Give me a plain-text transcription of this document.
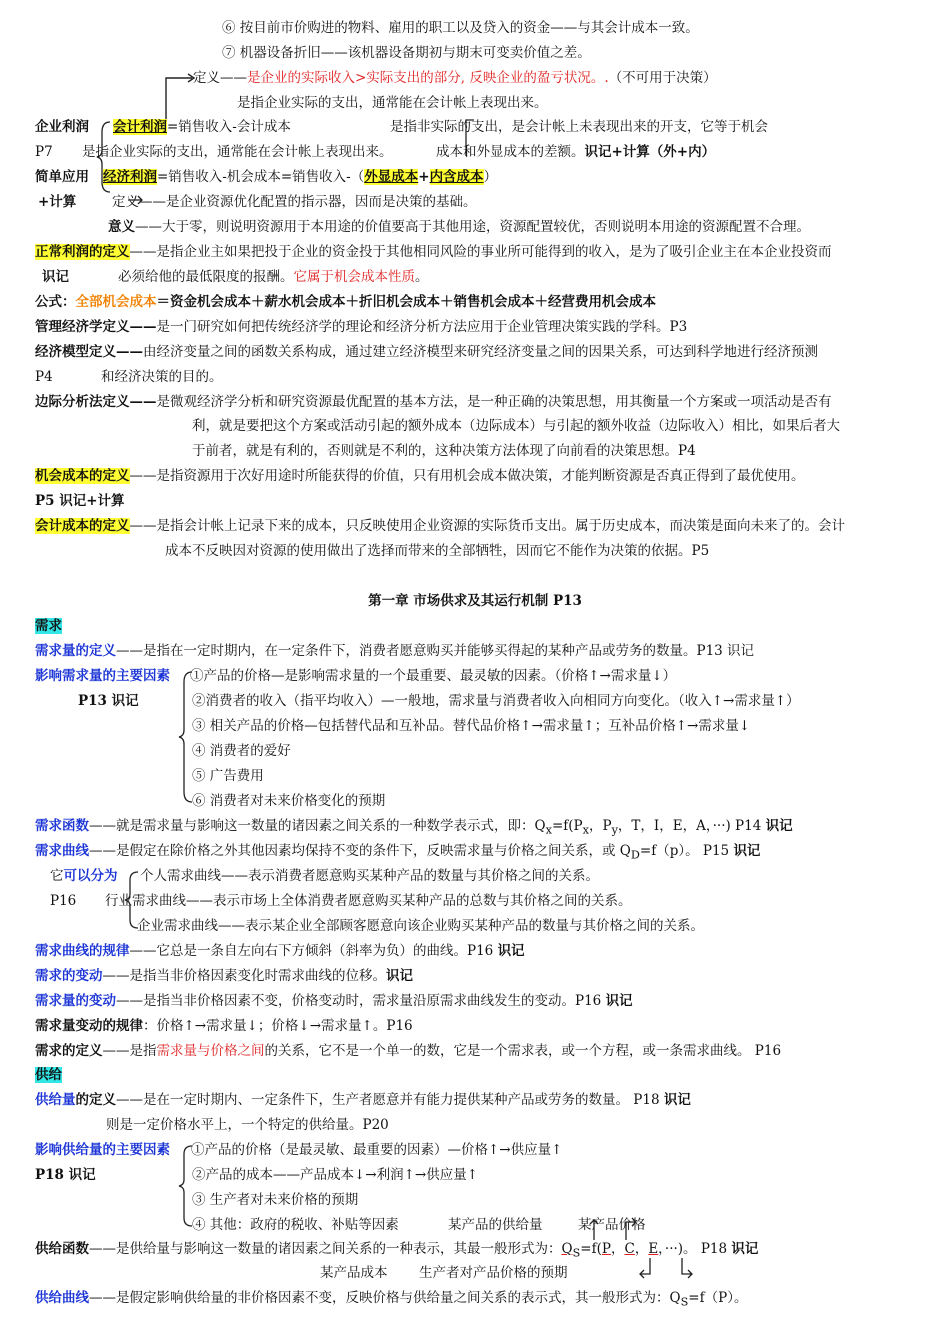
⑥ 按目前市价购进的物料、雇用的职工以及贷入的资金——与其会计成本一致。
⑦ 机器设备折旧——该机器设备期初与期末可变卖价值之差。
定义——是企业的实际收入>实际支出的部分, 反映企业的盈亏状况。.（不可用于决策）
是指企业实际的支出，通常能在会计帐上表现出来。
企业利润 会计利润=销售收入-会计成本	是指非实际的支出，是会计帐上未表现出来的开支，它等于机会
P7 是指企业实际的支出，通常能在会计帐上表现出来。	成本和外显成本的差额。识记+计算（外+内）
简单应用 经济利润=销售收入-机会成本=销售收入-（外显成本+内含成本）
+计算	定义——是企业资源优化配置的指示器，因而是决策的基础。
意义——大于零，则说明资源用于本用途的价值要高于其他用途，资源配置较优，否则说明本用途的资源配置不合理。
正常利润的定义——是指企业主如果把投于企业的资金投于其他相同风险的事业所可能得到的收入，是为了吸引企业主在本企业投资而
识记	必须给他的最低限度的报酬。它属于机会成本性质。
公式：全部机会成本＝资金机会成本＋薪水机会成本＋折旧机会成本＋销售机会成本＋经营费用机会成本
管理经济学定义——是一门研究如何把传统经济学的理论和经济分析方法应用于企业管理决策实践的学科。P3
经济模型定义——由经济变量之间的函数关系构成，通过建立经济模型来研究经济变量之间的因果关系，可达到科学地进行经济预测
P4	和经济决策的目的。
边际分析法定义——是微观经济学分析和研究资源最优配置的基本方法，是一种正确的决策思想，用其衡量一个方案或一项活动是否有
利，就是要把这个方案或活动引起的额外成本（边际成本）与引起的额外收益（边际收入）相比，如果后者大
于前者，就是有利的，否则就是不利的，这种决策方法体现了向前看的决策思想。P4
机会成本的定义——是指资源用于次好用途时所能获得的价值，只有用机会成本做决策，才能判断资源是否真正得到了最优使用。
P5 识记+计算
会计成本的定义——是指会计帐上记录下来的成本，只反映使用企业资源的实际货币支出。属于历史成本，而决策是面向未来了的。会计
成本不反映因对资源的使用做出了选择而带来的全部牺牲，因而它不能作为决策的依据。P5
第一章 市场供求及其运行机制 P13
需求
需求量的定义——是指在一定时期内，在一定条件下，消费者愿意购买并能够买得起的某种产品或劳务的数量。P13 识记
影响需求量的主要因素 ①产品的价格—是影响需求量的一个最重要、最灵敏的因素。（价格↑→需求量↓）
P13 识记	②消费者的收入（指平均收入）—一般地，需求量与消费者收入向相同方向变化。（收入↑→需求量↑）
③ 相关产品的价格—包括替代品和互补品。替代品价格↑→需求量↑；互补品价格↑→需求量↓
④ 消费者的爱好
⑤ 广告费用
⑥ 消费者对未来价格变化的预期
需求函数——就是需求量与影响这一数量的诸因素之间关系的一种数学表示式，即：$Q_x=f(P_x$，$P_y$，T，I，E，A，···) P14 识记
需求曲线——是假定在除价格之外其他因素均保持不变的条件下，反映需求量与价格之间关系，或 $Q_D=f(p)$。 P15 识记
它可以分为 个人需求曲线——表示消费者愿意购买某种产品的数量与其价格之间的关系。
P16 行业需求曲线——表示市场上全体消费者愿意购买某种产品的总数与其价格之间的关系。
企业需求曲线——表示某企业全部顾客愿意向该企业购买某种产品的数量与其价格之间的关系。
需求曲线的规律——它总是一条自左向右下方倾斜（斜率为负）的曲线。P16 识记
需求的变动——是指当非价格因素变化时需求曲线的位移。识记
需求量的变动——是指当非价格因素不变，价格变动时，需求量沿原需求曲线发生的变动。P16 识记
需求量变动的规律：价格↑→需求量↓；价格↓→需求量↑。P16
需求的定义——是指需求量与价格之间的关系，它不是一个单一的数，它是一个需求表，或一个方程，或一条需求曲线。 P16
供给
供给量的定义——是在一定时期内、一定条件下，生产者愿意并有能力提供某种产品或劳务的数量。 P18 识记
则是一定价格水平上，一个特定的供给量。P20
影响供给量的主要因素 ①产品的价格（是最灵敏、最重要的因素）—价格↑→供应量↑
P18 识记	②产品的成本——产品成本↓→利润↑→供应量↑
③ 生产者对未来价格的预期
④ 其他：政府的税收、补贴等因素	某产品的供给量	某产品价格
供给函数——是供给量与影响这一数量的诸因素之间关系的一种表示，其最一般形式为：$Q_S=f(P$，C，E，···)。 P18 识记
某产品成本 生产者对产品价格的预期
供给曲线——是假定影响供给量的非价格因素不变，反映价格与供给量之间关系的表示式，其一般形式为：$Q_S=f(P)$。
